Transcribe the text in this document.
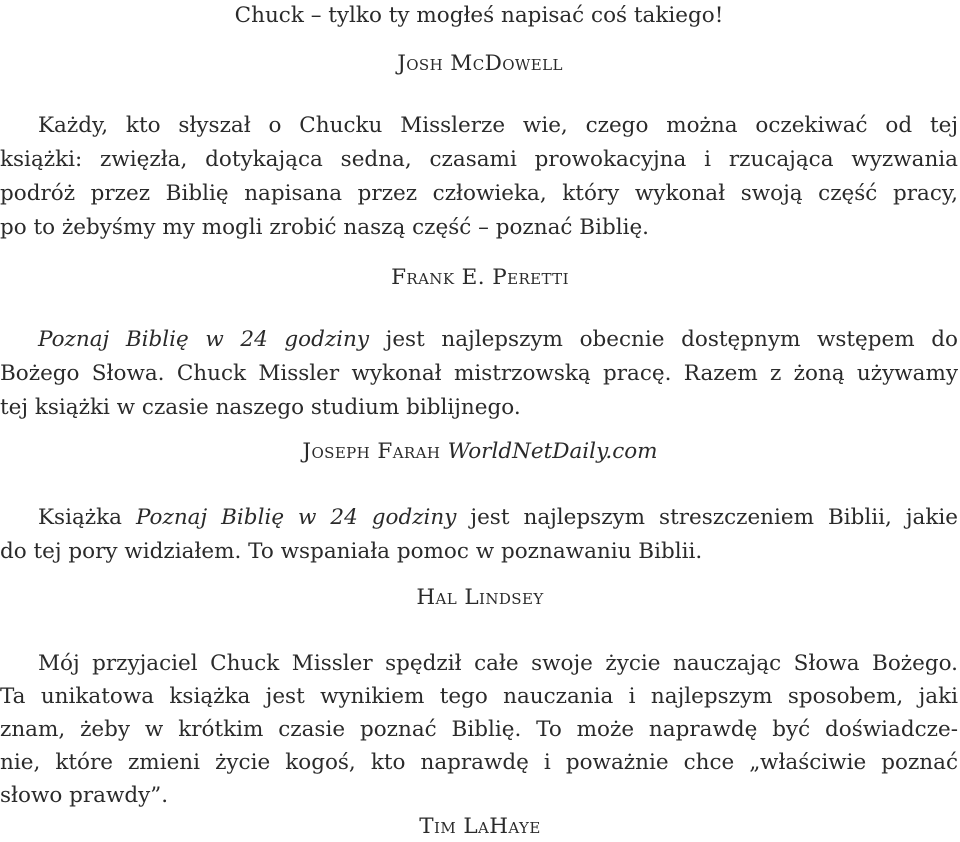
Chuck – tylko ty mogłeś napisać coś takiego!
Josh McDowell
Każdy, kto słyszał o Chucku Misslerze wie, czego można oczekiwać od tej
książki: zwięzła, dotykająca sedna, czasami prowokacyjna i rzucająca wyzwania
podróż przez Biblię napisana przez człowieka, który wykonał swoją część pracy,
po to żebyśmy my mogli zrobić naszą część – poznać Biblię.
Frank E. Peretti
Poznaj Biblię w 24 godziny jest najlepszym obecnie dostępnym wstępem do
Bożego Słowa. Chuck Missler wykonał mistrzowską pracę. Razem z żoną używamy
tej książki w czasie naszego studium biblijnego.
Joseph Farah WorldNetDaily.com
Książka Poznaj Biblię w 24 godziny jest najlepszym streszczeniem Biblii, jakie
do tej pory widziałem. To wspaniała pomoc w poznawaniu Biblii.
Hal Lindsey
Mój przyjaciel Chuck Missler spędził całe swoje życie nauczając Słowa Bożego.
Ta unikatowa książka jest wynikiem tego nauczania i najlepszym sposobem, jaki
znam, żeby w krótkim czasie poznać Biblię. To może naprawdę być doświadcze-
nie, które zmieni życie kogoś, kto naprawdę i poważnie chce „właściwie poznać
słowo prawdy”.
Tim LaHaye
